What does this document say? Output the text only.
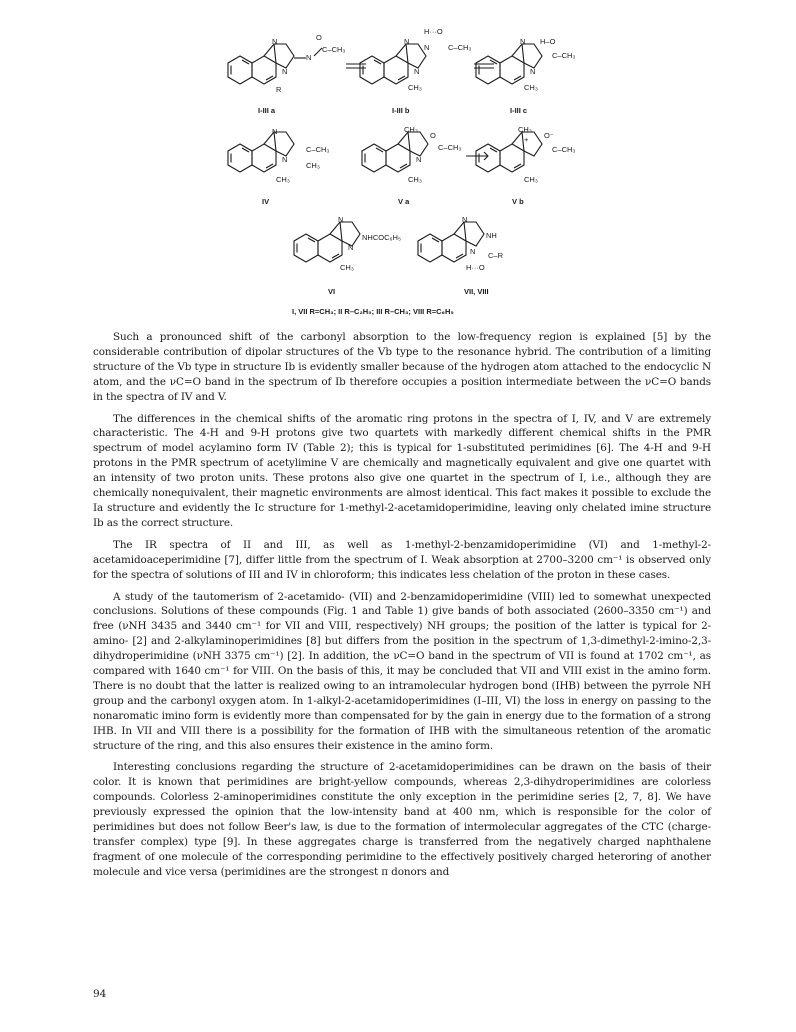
N
N
N
O
C–CH₃
R
I-III a
N
N
N
H···O
C–CH₃
CH₃
I-III b
N
N
H–O
C–CH₃
CH₃
I-III c
N
N
C–CH₃
CH₃
CH₃
IV
CH₃
N
O
C–CH₃
CH₃
V a
CH₃
+ O⁻
C–CH₃
CH₃
V b
N
N
NHCOC₆H₅
CH₃
VI
N
N
NH
C–R
H···O
VII, VIII
I, VII R=CH₃; II R–C₂H₅; III R–CH₃; VIII R=C₆H₅

Such a pronounced shift of the carbonyl absorption to the low-frequency region is explained [5] by the considerable contribution of dipolar structures of the Vb type to the resonance hybrid. The contribution of a limiting structure of the Vb type in structure Ib is evidently smaller because of the hydrogen atom attached to the endocyclic N atom, and the νC=O band in the spectrum of Ib therefore occupies a position intermediate between the νC=O bands in the spectra of IV and V.

The differences in the chemical shifts of the aromatic ring protons in the spectra of I, IV, and V are extremely characteristic. The 4-H and 9-H protons give two quartets with markedly different chemical shifts in the PMR spectrum of model acylamino form IV (Table 2); this is typical for 1-substituted perimidines [6]. The 4-H and 9-H protons in the PMR spectrum of acetylimine V are chemically and magnetically equivalent and give one quartet with an intensity of two proton units. These protons also give one quartet in the spectrum of I, i.e., although they are chemically nonequivalent, their magnetic environments are almost identical. This fact makes it possible to exclude the Ia structure and evidently the Ic structure for 1-methyl-2-acetamidoperimidine, leaving only chelated imine structure Ib as the correct structure.

The IR spectra of II and III, as well as 1-methyl-2-benzamidoperimidine (VI) and 1-methyl-2-acetamidoaceperimidine [7], differ little from the spectrum of I. Weak absorption at 2700–3200 cm⁻¹ is observed only for the spectra of solutions of III and IV in chloroform; this indicates less chelation of the proton in these cases.

A study of the tautomerism of 2-acetamido- (VII) and 2-benzamidoperimidine (VIII) led to somewhat unexpected conclusions. Solutions of these compounds (Fig. 1 and Table 1) give bands of both associated (2600–3350 cm⁻¹) and free (νNH 3435 and 3440 cm⁻¹ for VII and VIII, respectively) NH groups; the position of the latter is typical for 2-amino- [2] and 2-alkylaminoperimidines [8] but differs from the position in the spectrum of 1,3-dimethyl-2-imino-2,3-dihydroperimidine (νNH 3375 cm⁻¹) [2]. In addition, the νC=O band in the spectrum of VII is found at 1702 cm⁻¹, as compared with 1640 cm⁻¹ for VIII. On the basis of this, it may be concluded that VII and VIII exist in the amino form. There is no doubt that the latter is realized owing to an intramolecular hydrogen bond (IHB) between the pyrrole NH group and the carbonyl oxygen atom. In 1-alkyl-2-acetamidoperimidines (I–III, VI) the loss in energy on passing to the nonaromatic imino form is evidently more than compensated for by the gain in energy due to the formation of a strong IHB. In VII and VIII there is a possibility for the formation of IHB with the simultaneous retention of the aromatic structure of the ring, and this also ensures their existence in the amino form.

Interesting conclusions regarding the structure of 2-acetamidoperimidines can be drawn on the basis of their color. It is known that perimidines are bright-yellow compounds, whereas 2,3-dihydroperimidines are colorless compounds. Colorless 2-aminoperimidines constitute the only exception in the perimidine series [2, 7, 8]. We have previously expressed the opinion that the low-intensity band at 400 nm, which is responsible for the color of perimidines but does not follow Beer's law, is due to the formation of intermolecular aggregates of the CTC (charge-transfer complex) type [9]. In these aggregates charge is transferred from the negatively charged naphthalene fragment of one molecule of the corresponding perimidine to the effectively positively charged heteroring of another molecule and vice versa (perimidines are the strongest π donors and

94
